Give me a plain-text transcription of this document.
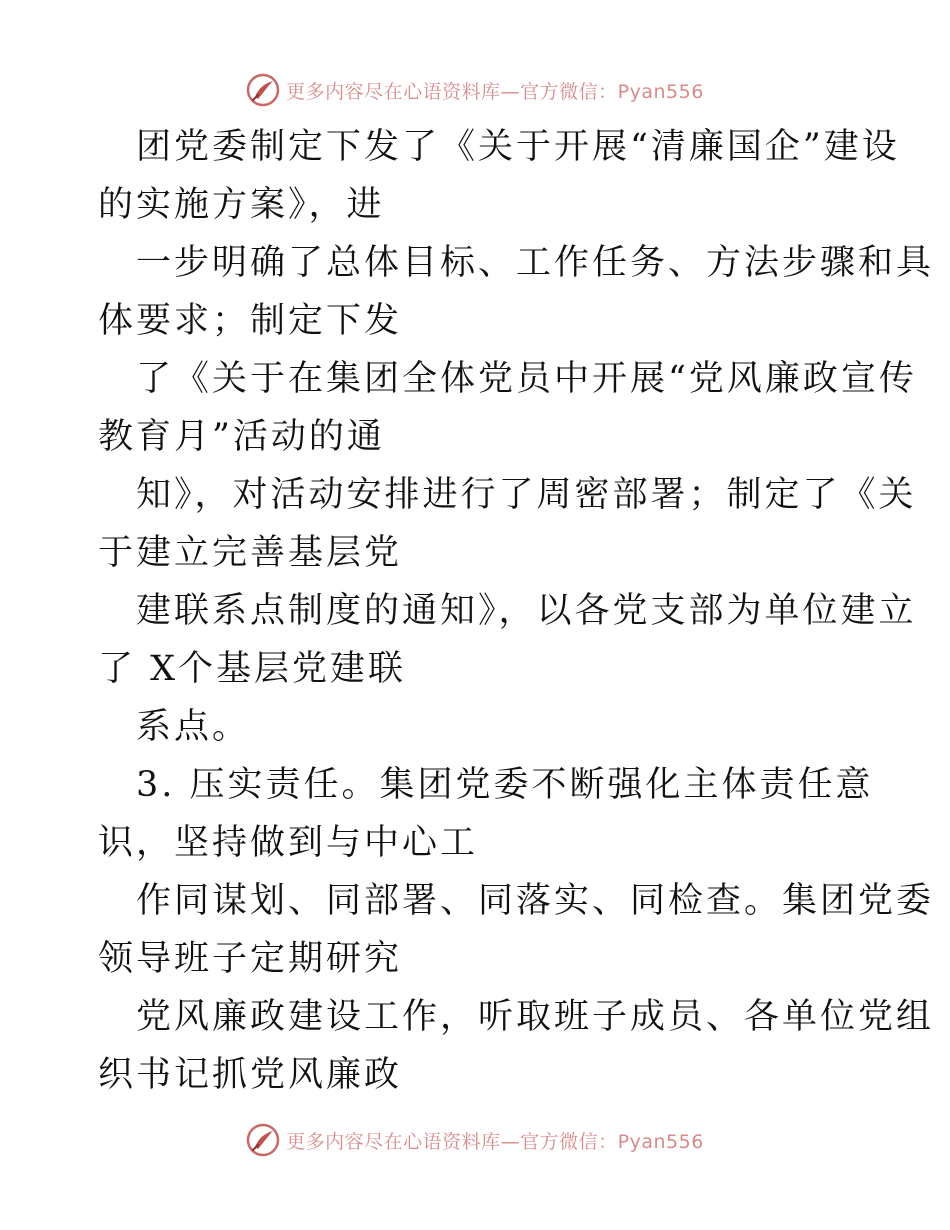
更多内容尽在心语资料库—官方微信：Pyan556
团党委制定下发了《关于开展“清廉国企”建设
的实施方案》，进
一步明确了总体目标、工作任务、方法步骤和具
体要求；制定下发
了《关于在集团全体党员中开展“党风廉政宣传
教育月”活动的通
知》，对活动安排进行了周密部署；制定了《关
于建立完善基层党
建联系点制度的通知》，以各党支部为单位建立
了 X个基层党建联
系点。
3. 压实责任。集团党委不断强化主体责任意
识，坚持做到与中心工
作同谋划、同部署、同落实、同检查。集团党委
领导班子定期研究
党风廉政建设工作，听取班子成员、各单位党组
织书记抓党风廉政
更多内容尽在心语资料库—官方微信：Pyan556
